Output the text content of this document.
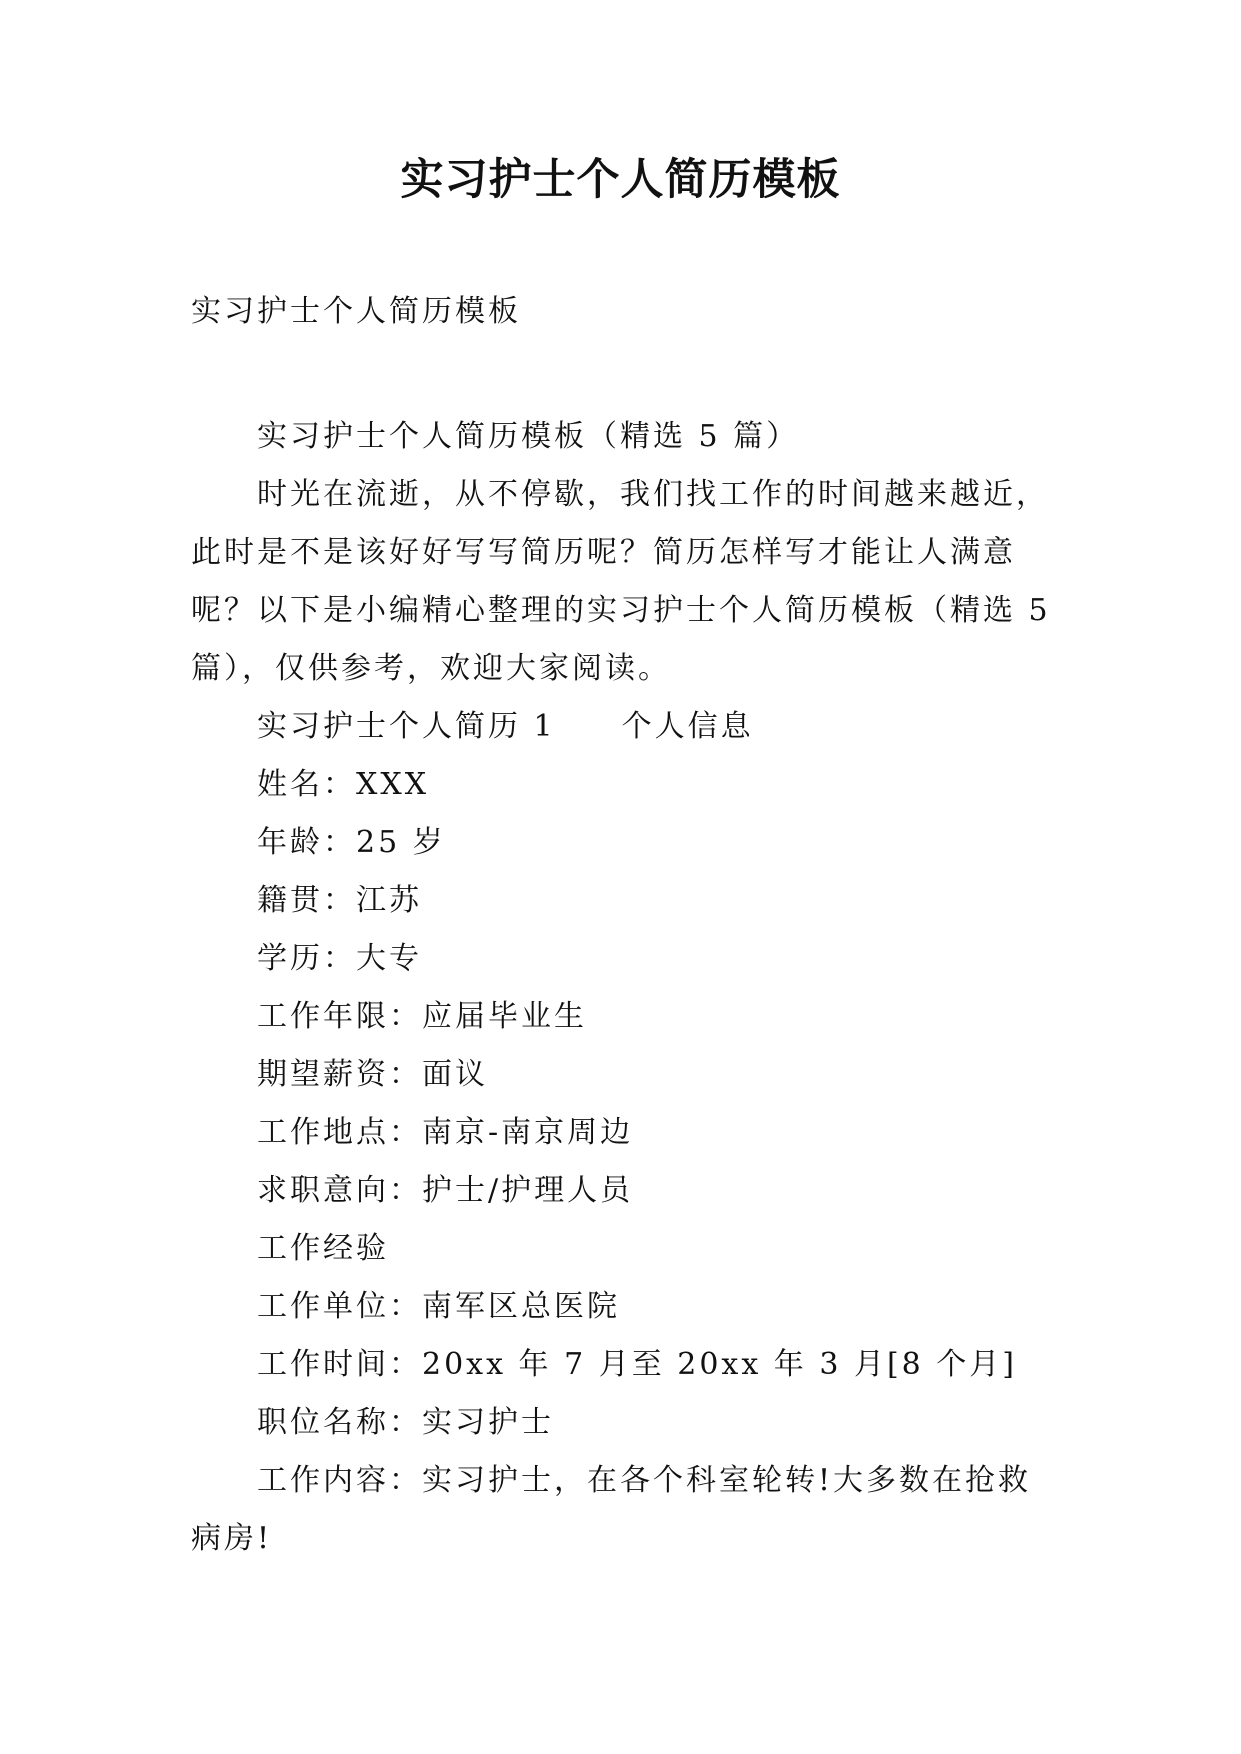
实习护士个人简历模板
实习护士个人简历模板

实习护士个人简历模板（精选 5 篇）

时光在流逝，从不停歇，我们找工作的时间越来越近，此时是不是该好好写写简历呢？简历怎样写才能让人满意呢？以下是小编精心整理的实习护士个人简历模板（精选 5 篇），仅供参考，欢迎大家阅读。

实习护士个人简历 1 个人信息

姓名：XXX

年龄：25 岁

籍贯：江苏

学历：大专

工作年限：应届毕业生

期望薪资：面议

工作地点：南京-南京周边

求职意向：护士/护理人员

工作经验

工作单位：南军区总医院

工作时间：20xx 年 7 月至 20xx 年 3 月[8 个月]

职位名称：实习护士

工作内容：实习护士，在各个科室轮转!大多数在抢救病房!
